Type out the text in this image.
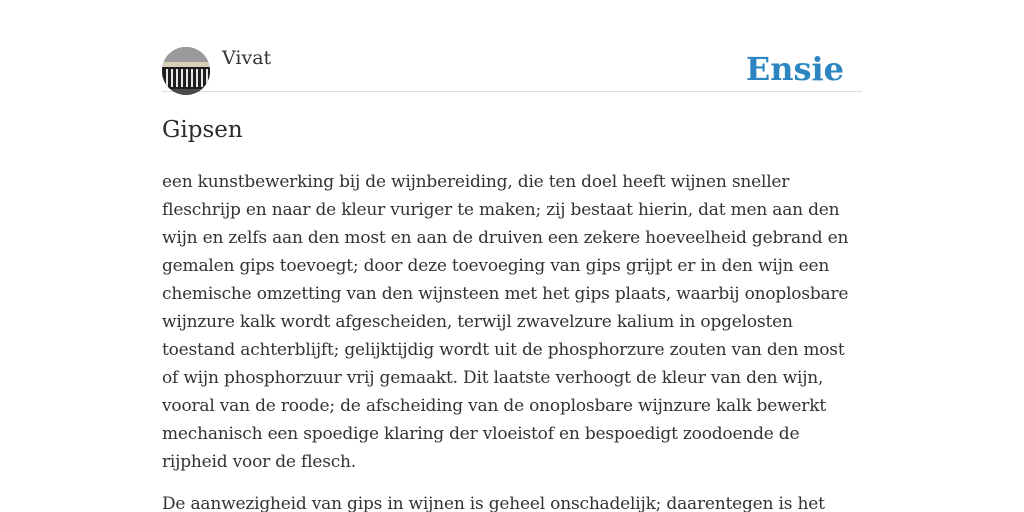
Vivat	Ensie
Gipsen

een kunstbewerking bij de wijnbereiding, die ten doel heeft wijnen sneller fleschrijp en naar de kleur vuriger te maken; zij bestaat hierin, dat men aan den wijn en zelfs aan den most en aan de druiven een zekere hoeveelheid gebrand en gemalen gips toevoegt; door deze toevoeging van gips grijpt er in den wijn een chemische omzetting van den wijnsteen met het gips plaats, waarbij onoplosbare wijnzure kalk wordt afgescheiden, terwijl zwavelzure kalium in opgelosten toestand achterblijft; gelijktijdig wordt uit de phosphorzure zouten van den most of wijn phosphorzuur vrij gemaakt. Dit laatste verhoogt de kleur van den wijn, vooral van de roode; de afscheiding van de onoplosbare wijnzure kalk bewerkt mechanisch een spoedige klaring der vloeistof en bespoedigt zoodoende de rijpheid voor de flesch.

De aanwezigheid van gips in wijnen is geheel onschadelijk; daarentegen is het
